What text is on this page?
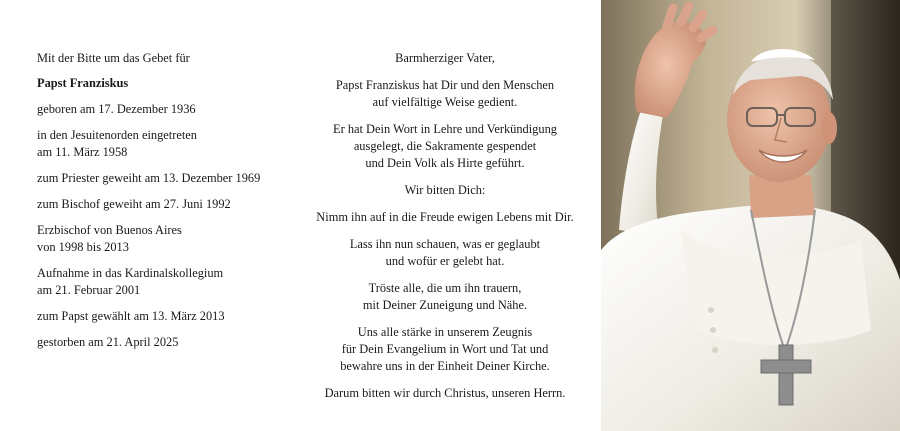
Mit der Bitte um das Gebet für

Papst Franziskus

geboren am 17. Dezember 1936

in den Jesuitenorden eingetreten
am 11. März 1958

zum Priester geweiht am 13. Dezember 1969

zum Bischof geweiht am 27. Juni 1992

Erzbischof von Buenos Aires
von 1998 bis 2013

Aufnahme in das Kardinalskollegium
am 21. Februar 2001

zum Papst gewählt am 13. März 2013

gestorben am 21. April 2025

Barmherziger Vater,

Papst Franziskus hat Dir und den Menschen
auf vielfältige Weise gedient.

Er hat Dein Wort in Lehre und Verkündigung
ausgelegt, die Sakramente gespendet
und Dein Volk als Hirte geführt.

Wir bitten Dich:

Nimm ihn auf in die Freude ewigen Lebens mit Dir.

Lass ihn nun schauen, was er geglaubt
und wofür er gelebt hat.

Tröste alle, die um ihn trauern,
mit Deiner Zuneigung und Nähe.

Uns alle stärke in unserem Zeugnis
für Dein Evangelium in Wort und Tat und
bewahre uns in der Einheit Deiner Kirche.

Darum bitten wir durch Christus, unseren Herrn.
